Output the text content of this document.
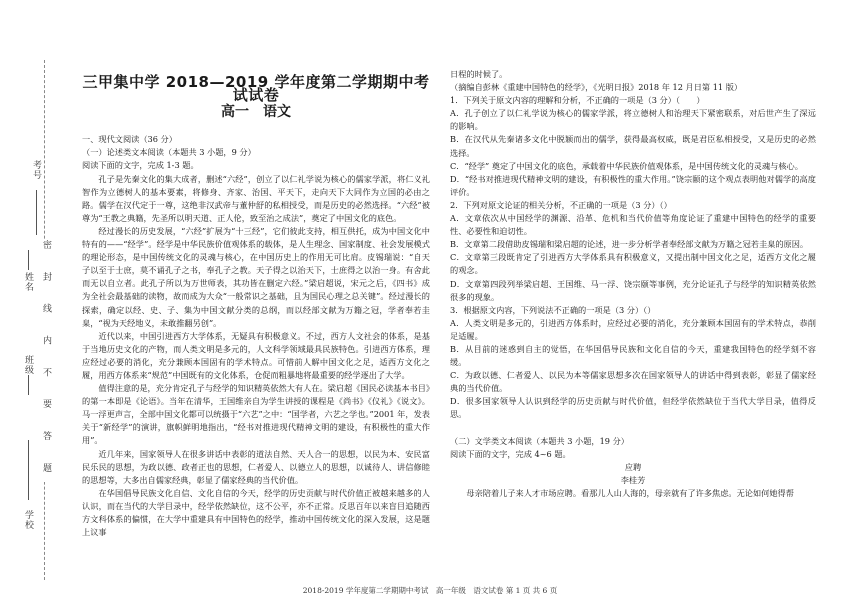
考号
姓名
班级
学校
密 封 线 内 不 要 答 题
三甲集中学 2018—2019 学年度第二学期期中考试试卷
高一　语文

一、现代文阅读（36 分）

（一）论述类文本阅读（本题共 3 小题，9 分）

阅读下面的文字，完成 1-3 题。

孔子是先秦文化的集大成者，删述“六经”，创立了以仁礼学说为核心的儒家学派，将仁义礼智作为立德树人的基本要素，将修身、齐家、治国、平天下，走向天下大同作为立国的必由之路。儒学在汉代定于一尊，这绝非汉武帝与董仲舒的私相授受，而是历史的必然选择。“六经”被尊为“王教之典籍，先圣所以明天道、正人伦，致至治之成法”，奠定了中国文化的底色。

经过漫长的历史发展，“六经”扩展为“十三经”，它们彼此支持，相互供托，成为中国文化中特有的——“经学”。经学是中华民族价值观体系的载体，是人生理念、国家制度、社会发展模式的理论形态，是中国传统文化的灵魂与核心，在中国历史上的作用无可比肩。皮锡瑞说：“自天子以至于士庶，莫不诵孔子之书，奉孔子之教。天子得之以治天下，士庶得之以治一身。有舍此而无以自立者。此孔子所以为万世师表，其功皆在删定六经。”梁启超说，宋元之后，《四书》成为全社会最基础的读物，故而成为大众“一般常识之基础，且为国民心理之总关键”。经过漫长的探索，确定以经、史、子、集为中国文献分类的总纲，而以经部文献为万籍之冠，学者奉若圭臬，“视为天经地义，未敢推翻另创”。

近代以来，中国引进西方大学体系，无疑具有积极意义。不过，西方人文社会的体系，是基于当地历史文化的产物，而人类文明是多元的，人文科学领域最具民族特色。引进西方体系，理应经过必要的消化，充分兼顾本国固有的学术特点。可惜前人解中国文化之足，适西方文化之履，用西方体系来“规范”中国既有的文化体系，仓促而粗暴地将最重要的经学逐出了大学。

值得注意的是，充分肯定孔子与经学的知识精英依然大有人在。梁启超《国民必读基本书目》的第一本即是《论语》。当年在清华，王国维亲自为学生讲授的课程是《尚书》《仪礼》《说文》。马一浮更声言，全部中国文化都可以统摄于“六艺”之中：“国学者，六艺之学也。”2001 年，发表关于“新经学”的演讲，旗帜鲜明地指出，“经书对推进现代精神文明的建设，有积极性的重大作用”。

近几年来，国家领导人在很多讲话中表彰的道法自然、天人合一的思想，以民为本、安民富民乐民的思想，为政以德、政者正也的思想，仁者爱人、以德立人的思想，以诚待人、讲信修睦的思想等，大多出自儒家经典，彰显了儒家经典的当代价值。

在华国倡导民族文化自信、文化自信的今天，经学的历史贡献与时代价值正被越来越多的人认识，而在当代的大学目录中，经学依然缺位，这不公平，亦不正常。反思百年以来盲目追随西方文科体系的偏惯，在大学中重建具有中国特色的经学，推动中国传统文化的深入发展，这是题上议事

日程的时候了。

（摘编自彭林《重建中国特色的经学》，《光明日报》2018 年 12 月日第 11 版）

1．下列关于原文内容的理解和分析，不正确的一项是（3 分）（　　）

A．孔子创立了以仁礼学说为核心的儒家学派，将立德树人和治理天下紧密联系，对后世产生了深远的影响。

B．在汉代从先秦诸多文化中脱颖而出的儒学，获得最高权威，既是君臣私相授受，又是历史的必然选择。

C．“经学” 奠定了中国文化的底色，承载着中华民族价值观体系，是中国传统文化的灵魂与核心。

D．“经书对推进现代精神文明的建设，有积极性的重大作用。”饶宗颐的这个观点表明他对儒学的高度评价。

2．下列对原文论证的相关分析，不正确的一项是（3 分）（）

A．文章依次从中国经学的渊源、沿革、危机和当代价值等角度论证了重建中国特色的经学的重要性、必要性和迫切性。

B．文章第二段借助皮锡瑞和梁启超的论述，进一步分析学者奉经部文献为万籍之冠若圭臬的原因。

C．文章第三段既肯定了引进西方大学体系具有积极意义，又提出制中国文化之足，适西方文化之履的观念。

D．文章第四段列举梁启超、王国维、马一浮、饶宗颐等事例，充分论证孔子与经学的知识精英依然很多的现象。

3．根据原文内容，下列说法不正确的一项是（3 分）（）

A．人类文明是多元的，引进西方体系时，应经过必要的消化，充分兼顾本国固有的学术特点，恭削足适履。

B．从目前的迷惑到自主的觉悟，在华国倡导民族和文化自信的今天，重建我国特色的经学刻不容缓。

C．为政以德、仁者爱人、以民为本等儒家思想多次在国家领导人的讲话中得到表彰，彰显了儒家经典的当代价值。

D．很多国家领导人认识到经学的历史贡献与时代价值，但经学依然缺位于当代大学目录，值得反思。

（二）文学类文本阅读（本题共 3 小题，19 分）

阅读下面的文字，完成 4~6 题。

应聘

李桂芳

母亲陪着儿子来人才市场应聘。看那儿人山人海的，母亲就有了许多焦虑。无论如何她得帮

2018-2019 学年度第二学期期中考试　高一年级　语文试卷 第 1 页 共 6 页
